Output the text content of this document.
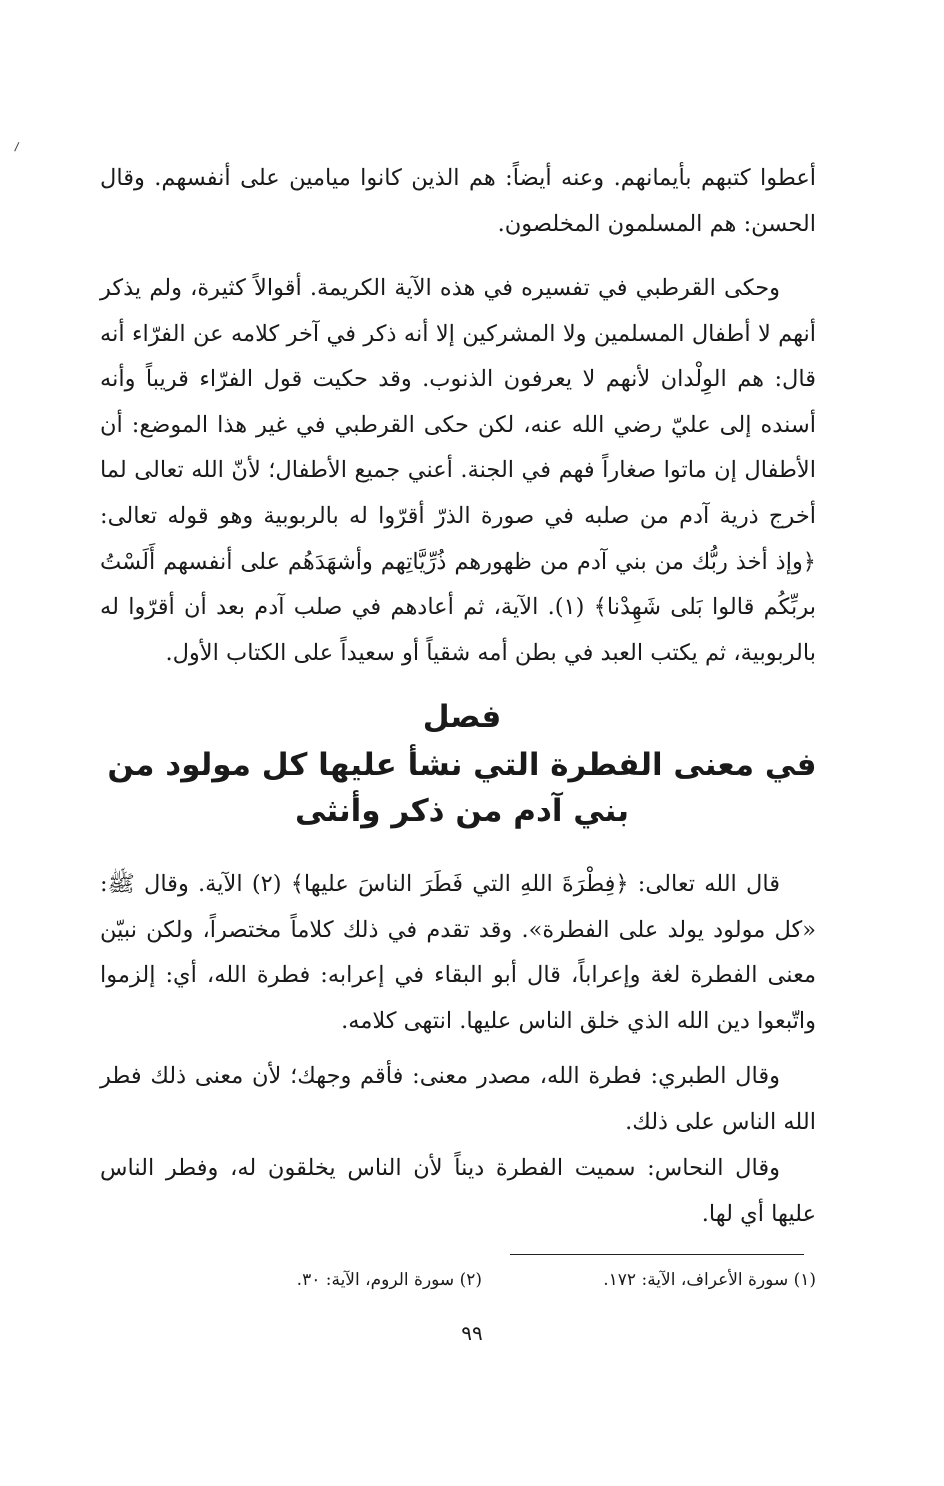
أعطوا كتبهم بأيمانهم. وعنه أيضاً: هم الذين كانوا ميامين على أنفسهم. وقال الحسن: هم المسلمون المخلصون.

وحكى القرطبي في تفسيره في هذه الآية الكريمة. أقوالاً كثيرة، ولم يذكر أنهم لا أطفال المسلمين ولا المشركين إلا أنه ذكر في آخر كلامه عن الفرّاء أنه قال: هم الوِلْدان لأنهم لا يعرفون الذنوب. وقد حكيت قول الفرّاء قريباً وأنه أسنده إلى عليّ رضي الله عنه، لكن حكى القرطبي في غير هذا الموضع: أن الأطفال إن ماتوا صغاراً فهم في الجنة. أعني جميع الأطفال؛ لأنّ الله تعالى لما أخرج ذرية آدم من صلبه في صورة الذرّ أقرّوا له بالربوبية وهو قوله تعالى: ﴿وإذ أخذ ربُّك من بني آدم من ظهورهم ذُرِّيَّاتِهم وأشهَدَهُم على أنفسهم أَلَسْتُ بربِّكُم قالوا بَلى شَهِدْنا﴾ (١). الآية، ثم أعادهم في صلب آدم بعد أن أقرّوا له بالربوبية، ثم يكتب العبد في بطن أمه شقياً أو سعيداً على الكتاب الأول.

فصل
في معنى الفطرة التي نشأ عليها كل مولود من بني آدم من ذكر وأنثى

قال الله تعالى: ﴿فِطْرَةَ اللهِ التي فَطَرَ الناسَ عليها﴾ (٢) الآية. وقال ﷺ: «كل مولود يولد على الفطرة». وقد تقدم في ذلك كلاماً مختصراً، ولكن نبيّن معنى الفطرة لغة وإعراباً، قال أبو البقاء في إعرابه: فطرة الله، أي: إلزموا واتّبعوا دين الله الذي خلق الناس عليها. انتهى كلامه.

وقال الطبري: فطرة الله، مصدر معنى: فأقم وجهك؛ لأن معنى ذلك فطر الله الناس على ذلك.

وقال النحاس: سميت الفطرة ديناً لأن الناس يخلقون له، وفطر الناس عليها أي لها.

(١) سورة الأعراف، الآية: ١٧٢.
(٢) سورة الروم، الآية: ٣٠.
٩٩
